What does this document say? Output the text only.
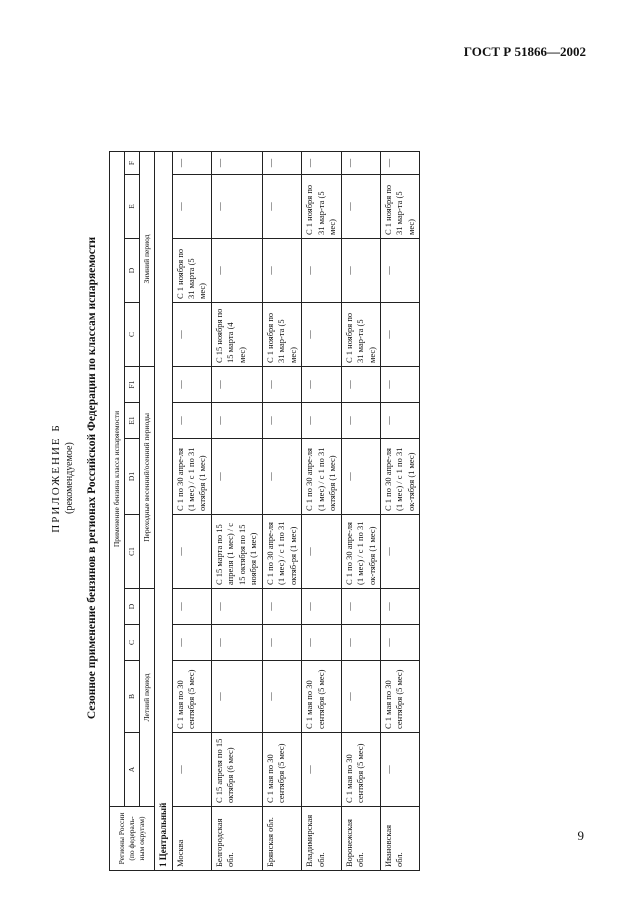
ГОСТ Р 51866—2002
ПРИЛОЖЕНИЕ Б (рекомендуемое) Сезонное применение бензинов в регионах Российской Федерации по классам испаряемости
Регионы России (по федераль-ным округам)	Применение бензина класса испаряемости											
	A	B	C	D	C1	D1	E1	F1	C	D	E	F
	Летний период				Переходные весенний/осенний периоды				Зимний период			
1 Центральный												
Москва	—	С 1 мая по 30 сентября (5 мес)	—	—	—	С 1 по 30 апре-ля (1 мес) / с 1 по 31 октября (1 мес)	—	—	—	С 1 ноября по 31 марта (5 мес)	—	—
Белгородская обл.	С 15 апреля по 15 октября (6 мес)	—	—	—	С 15 марта по 15 апреля (1 мес) / с 15 октября по 15 ноября (1 мес)	—	—	—	С 15 ноября по 15 марта (4 мес)	—	—	—
Брянская обл.	С 1 мая по 30 сентября (5 мес)	—	—	—	С 1 по 30 апре-ля (1 мес) / с 1 по 31 октяб-ря (1 мес)	—	—	—	С 1 ноября по 31 мар-та (5 мес)	—	—	—
Владимирская обл.	—	С 1 мая по 30 сентября (5 мес)	—	—	—	С 1 по 30 апре-ля (1 мес) / с 1 по 31 октября (1 мес)	—	—	—	—	С 1 ноября по 31 мар-та (5 мес)	—
Воронежская обл.	С 1 мая по 30 сентября (5 мес)	—	—	—	С 1 по 30 апре-ля (1 мес) / с 1 по 31 ок-тября (1 мес)	—	—	—	С 1 ноября по 31 мар-та (5 мес)	—	—	—
Ивановская обл.	—	С 1 мая по 30 сентября (5 мес)	—	—	—	С 1 по 30 апре-ля (1 мес) / с 1 по 31 ок-тября (1 мес)	—	—	—	—	С 1 ноября по 31 мар-та (5 мес)	—
9
